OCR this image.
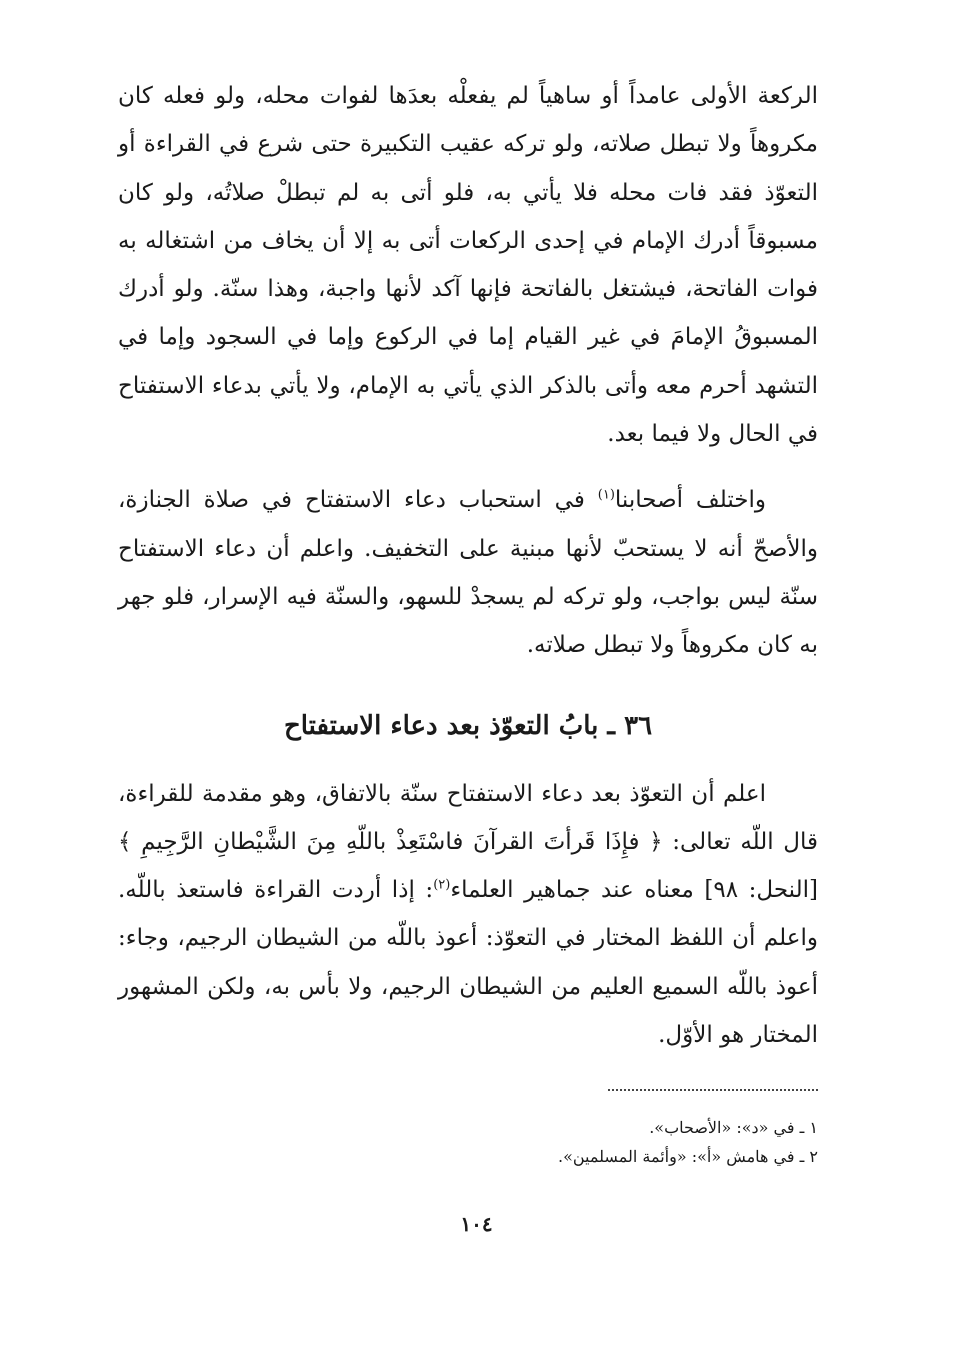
الركعة الأولى عامداً أو ساهياً لم يفعلْه بعدَها لفوات محله، ولو فعله كان مكروهاً ولا تبطل صلاته، ولو تركه عقيب التكبيرة حتى شرع في القراءة أو التعوّذ فقد فات محله فلا يأتي به، فلو أتى به لم تبطلْ صلاتُه، ولو كان مسبوقاً أدرك الإمام في إحدى الركعات أتى به إلا أن يخاف من اشتغاله به فوات الفاتحة، فيشتغل بالفاتحة فإنها آكد لأنها واجبة، وهذا سنّة. ولو أدرك المسبوقُ الإمامَ في غير القيام إما في الركوع وإما في السجود وإما في التشهد أحرم معه وأتى بالذكر الذي يأتي به الإمام، ولا يأتي بدعاء الاستفتاح في الحال ولا فيما بعد.

واختلف أصحابنا$^{(١)}$ في استحباب دعاء الاستفتاح في صلاة الجنازة، والأصحّ أنه لا يستحبّ لأنها مبنية على التخفيف. واعلم أن دعاء الاستفتاح سنّة ليس بواجب، ولو تركه لم يسجدْ للسهو، والسنّة فيه الإسرار، فلو جهر به كان مكروهاً ولا تبطل صلاته.

٣٦ ـ بابُ التعوّذ بعد دعاء الاستفتاح

اعلم أن التعوّذ بعد دعاء الاستفتاح سنّة بالاتفاق، وهو مقدمة للقراءة، قال اللّه تعالى: ﴿ فإِذَا قَرأتَ القرآنَ فاسْتَعِذْ باللّهِ مِنَ الشَّيْطانِ الرَّجِيمِ ﴾ [النحل: ٩٨] معناه عند جماهير العلماء$^{(٢)}$: إذا أردت القراءة فاستعذ باللّه. واعلم أن اللفظ المختار في التعوّذ: أعوذ باللّه من الشيطان الرجيم، وجاء: أعوذ باللّه السميع العليم من الشيطان الرجيم، ولا بأس به، ولكن المشهور المختار هو الأوّل.

١ ـ في «د»: «الأصحاب».
٢ ـ في هامش «أ»: «وأئمة المسلمين».
١٠٤
